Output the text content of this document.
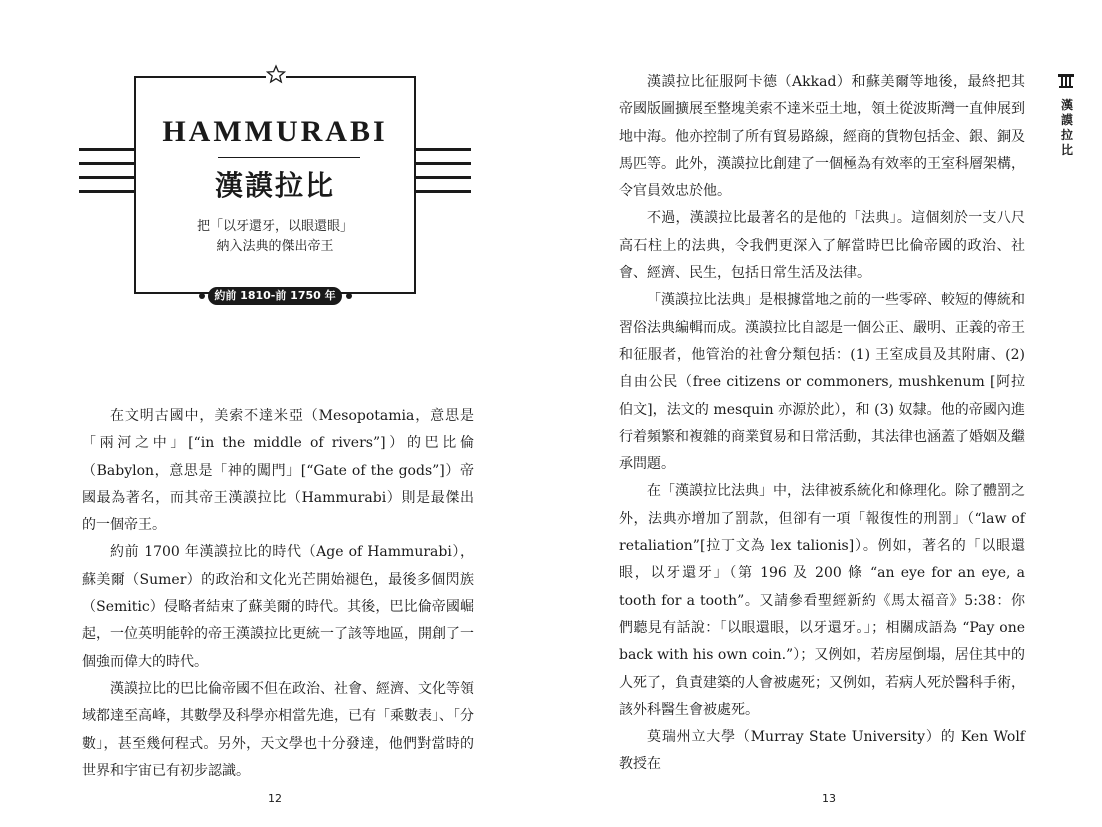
HAMMURABI
漢謨拉比
把「以牙還牙，以眼還眼」
納入法典的傑出帝王
約前 1810-前 1750 年

在文明古國中，美索不達米亞（Mesopotamia，意思是「兩河之中」[“in the middle of rivers”]）的巴比倫（Babylon，意思是「神的闖門」[“Gate of the gods”]）帝國最為著名，而其帝王漢謨拉比（Hammurabi）則是最傑出的一個帝王。

約前 1700 年漢謨拉比的時代（Age of Hammurabi），蘇美爾（Sumer）的政治和文化光芒開始褪色，最後多個閃族（Semitic）侵略者結束了蘇美爾的時代。其後，巴比倫帝國崛起，一位英明能幹的帝王漢謨拉比更統一了該等地區，開創了一個強而偉大的時代。

漢謨拉比的巴比倫帝國不但在政治、社會、經濟、文化等領域都達至高峰，其數學及科學亦相當先進，已有「乘數表」、「分數」，甚至幾何程式。另外，天文學也十分發達，他們對當時的世界和宇宙已有初步認識。

12

漢謨拉比征服阿卡德（Akkad）和蘇美爾等地後，最終把其帝國版圖擴展至整塊美索不達米亞土地，領土從波斯灣一直伸展到地中海。他亦控制了所有貿易路線，經商的貨物包括金、銀、銅及馬匹等。此外，漢謨拉比創建了一個極為有效率的王室科層架構，令官員效忠於他。

不過，漢謨拉比最著名的是他的「法典」。這個刻於一支八尺高石柱上的法典，令我們更深入了解當時巴比倫帝國的政治、社會、經濟、民生，包括日常生活及法律。

「漢謨拉比法典」是根據當地之前的一些零碎、較短的傳統和習俗法典編輯而成。漢謨拉比自認是一個公正、嚴明、正義的帝王和征服者，他管治的社會分類包括：(1) 王室成員及其附庸、(2) 自由公民（free citizens or commoners, mushkenum [阿拉伯文]，法文的 mesquin 亦源於此），和 (3) 奴隸。他的帝國內進行着頻繁和複雜的商業貿易和日常活動，其法律也涵蓋了婚姻及繼承問題。

在「漢謨拉比法典」中，法律被系統化和條理化。除了體罰之外，法典亦增加了罰款，但卻有一項「報復性的刑罰」（“law of retaliation”[拉丁文為 lex talionis]）。例如，著名的「以眼還眼，以牙還牙」（第 196 及 200 條 “an eye for an eye, a tooth for a tooth”。又請參看聖經新約《馬太福音》5:38：你們聽見有話說：「以眼還眼，以牙還牙。」；相關成語為 “Pay one back with his own coin.”）；又例如，若房屋倒塌，居住其中的人死了，負責建築的人會被處死；又例如，若病人死於醫科手術，該外科醫生會被處死。

莫瑞州立大學（Murray State University）的 Ken Wolf 教授在

漢謨拉比
13
